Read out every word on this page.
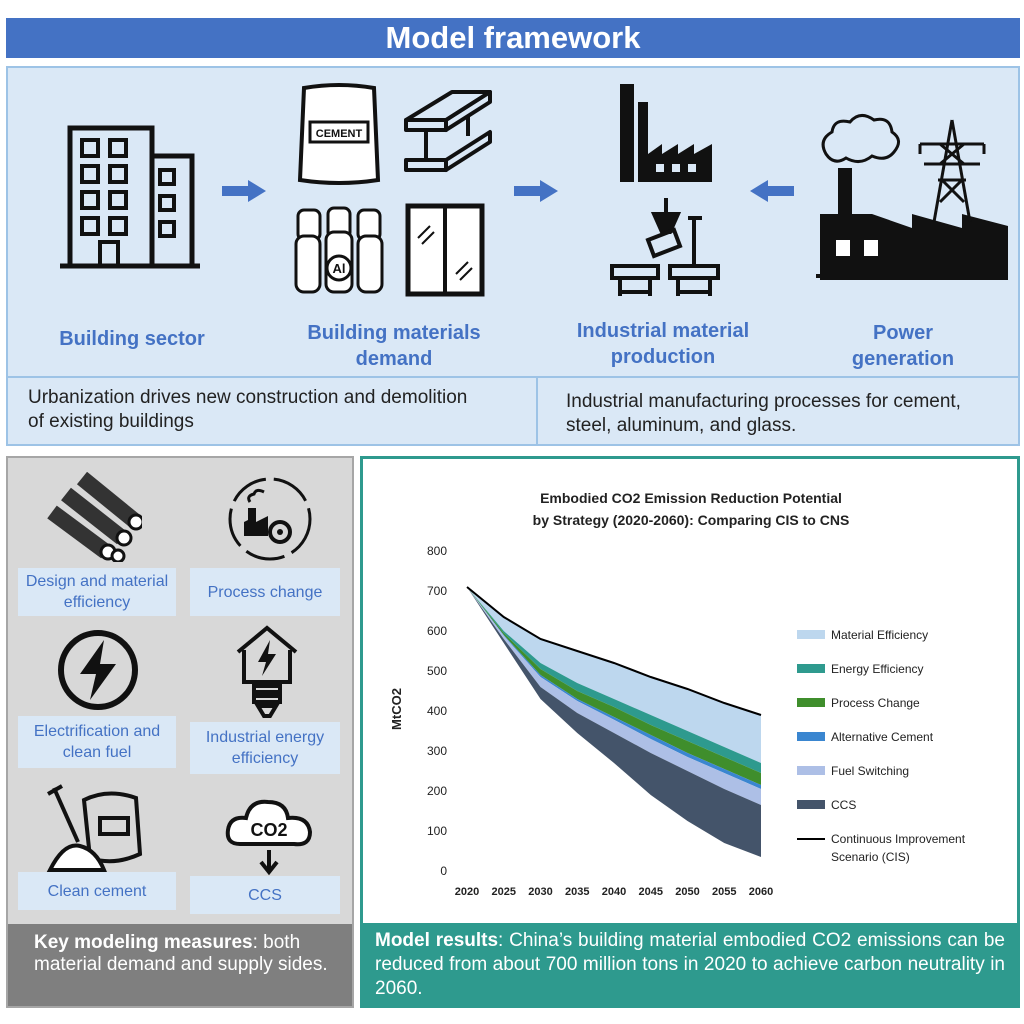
Model framework
CEMENT
Al
Building sector	Building materials demand
Industrial material production
Power generation
Urbanization drives new construction and demolition of existing buildings
Industrial manufacturing processes for cement, steel, aluminum, and glass.
CO2
Design and material efficiency
Process change
Electrification and clean fuel
Industrial energy efficiency
Clean cement	CCS
Key modeling measures: both material demand and supply sides.
Embodied CO2 Emission Reduction Potential
by Strategy (2020-2060): Comparing CIS to CNS
MtCO2
0
100
200
300
400
500
600
700
800
2020 2025 2030 2035 2040 2045 2050 2055 2060
Material Efficiency
Energy Efficiency
Process Change
Alternative Cement
Fuel Switching
CCS
Continuous Improvement
Scenario (CIS)
Model results: China’s building material embodied CO2 emissions can be reduced from about 700 million tons in 2020 to achieve carbon neutrality in 2060.
